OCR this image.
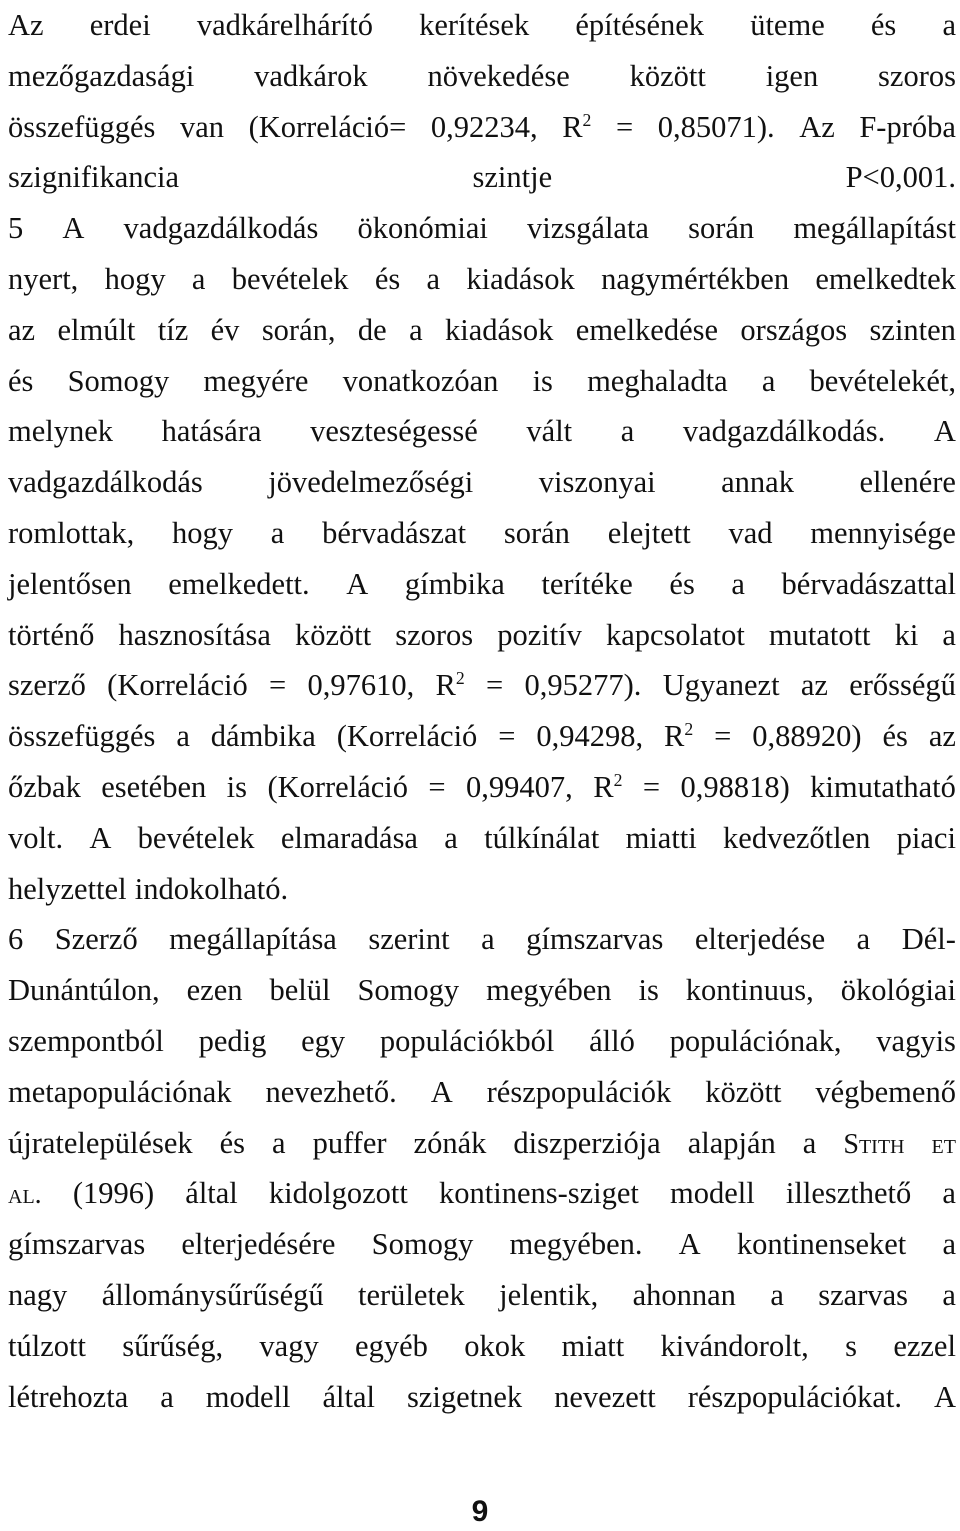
Az erdei vadkárelhárító kerítések építésének üteme és a
mezőgazdasági vadkárok növekedése között igen szoros
összefüggés van (Korreláció= 0,92234, $R^2 = 0,85071$). Az F-próba
szignifikancia	szintje	P<0,001.
5 A vadgazdálkodás ökonómiai vizsgálata során megállapítást
nyert, hogy a bevételek és a kiadások nagymértékben emelkedtek
az elmúlt tíz év során, de a kiadások emelkedése országos szinten
és Somogy megyére vonatkozóan is meghaladta a bevételekét,
melynek hatására veszteségessé vált a vadgazdálkodás. A
vadgazdálkodás jövedelmezőségi viszonyai annak ellenére
romlottak, hogy a bérvadászat során elejtett vad mennyisége
jelentősen emelkedett. A gímbika terítéke és a bérvadászattal
történő hasznosítása között szoros pozitív kapcsolatot mutatott ki a
szerző (Korreláció = 0,97610, $R^2 = 0,95277$). Ugyanezt az erősségű
összefüggés a dámbika (Korreláció = 0,94298, $R^2 = 0,88920$) és az
őzbak esetében is (Korreláció = 0,99407, $R^2 = 0,98818$) kimutatható
volt. A bevételek elmaradása a túlkínálat miatti kedvezőtlen piaci
helyzettel indokolható.
6 Szerző megállapítása szerint a gímszarvas elterjedése a Dél-
Dunántúlon, ezen belül Somogy megyében is kontinuus, ökológiai
szempontból pedig egy populációkból álló populációnak, vagyis
metapopulációnak nevezhető. A részpopulációk között végbemenő
újratelepülések és a puffer zónák diszperziója alapján a Stith et
al. (1996) által kidolgozott kontinens-sziget modell illeszthető a
gímszarvas elterjedésére Somogy megyében. A kontinenseket a
nagy állománysűrűségű területek jelentik, ahonnan a szarvas a
túlzott sűrűség, vagy egyéb okok miatt kivándorolt, s ezzel
létrehozta a modell által szigetnek nevezett részpopulációkat. A
9
